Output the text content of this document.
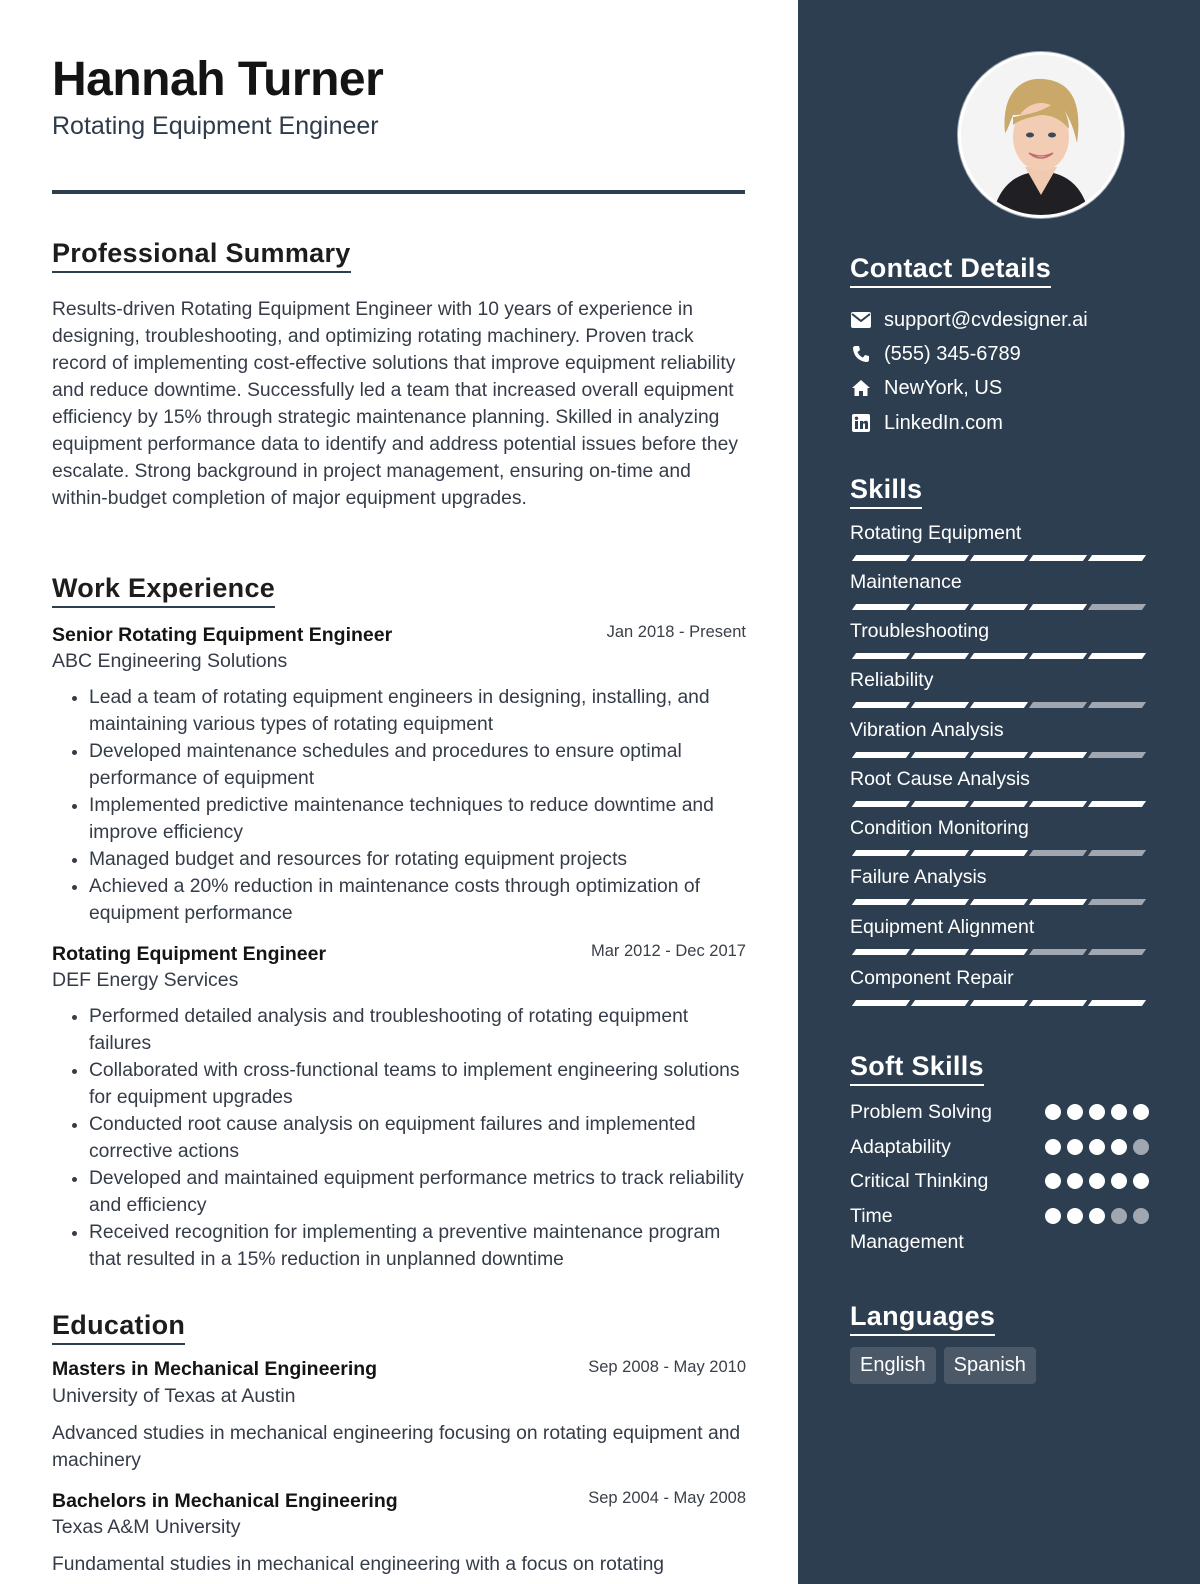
Hannah Turner
Rotating Equipment Engineer
Professional Summary

Results-driven Rotating Equipment Engineer with 10 years of experience in designing, troubleshooting, and optimizing rotating machinery. Proven track record of implementing cost-effective solutions that improve equipment reliability and reduce downtime. Successfully led a team that increased overall equipment efficiency by 15% through strategic maintenance planning. Skilled in analyzing equipment performance data to identify and address potential issues before they escalate. Strong background in project management, ensuring on-time and within-budget completion of major equipment upgrades.

Work Experience
Senior Rotating Equipment Engineer	Jan 2018 - Present
ABC Engineering Solutions
• Lead a team of rotating equipment engineers in designing, installing, and maintaining various types of rotating equipment
• Developed maintenance schedules and procedures to ensure optimal performance of equipment
• Implemented predictive maintenance techniques to reduce downtime and improve efficiency
• Managed budget and resources for rotating equipment projects
• Achieved a 20% reduction in maintenance costs through optimization of equipment performance
Rotating Equipment Engineer	Mar 2012 - Dec 2017
DEF Energy Services
• Performed detailed analysis and troubleshooting of rotating equipment failures
• Collaborated with cross-functional teams to implement engineering solutions for equipment upgrades
• Conducted root cause analysis on equipment failures and implemented corrective actions
• Developed and maintained equipment performance metrics to track reliability and efficiency
• Received recognition for implementing a preventive maintenance program that resulted in a 15% reduction in unplanned downtime
Education
Masters in Mechanical Engineering	Sep 2008 - May 2010
University of Texas at Austin

Advanced studies in mechanical engineering focusing on rotating equipment and machinery

Bachelors in Mechanical Engineering	Sep 2004 - May 2008
Texas A&M University

Fundamental studies in mechanical engineering with a focus on rotating

Contact Details
support@cvdesigner.ai
(555) 345-6789
NewYork, US
LinkedIn.com
Skills
Rotating Equipment
Maintenance
Troubleshooting
Reliability
Vibration Analysis
Root Cause Analysis
Condition Monitoring
Failure Analysis
Equipment Alignment
Component Repair
Soft Skills
Problem Solving
Adaptability
Critical Thinking
Time Management
Languages
English	Spanish
